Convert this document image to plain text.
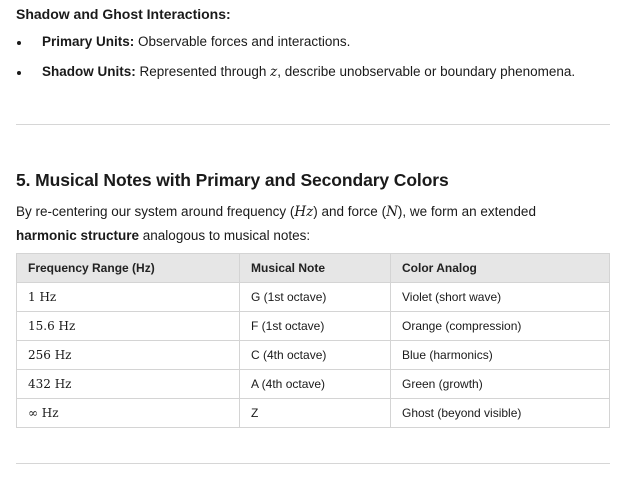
Shadow and Ghost Interactions:

Primary Units: Observable forces and interactions.
Shadow Units: Represented through z, describe unobservable or boundary phenomena.
5. Musical Notes with Primary and Secondary Colors

By re-centering our system around frequency (Hz) and force (N), we form an extended
harmonic structure analogous to musical notes:

Frequency Range (Hz)	Musical Note	Color Analog
1 Hz	G (1st octave)	Violet (short wave)
15.6 Hz	F (1st octave)	Orange (compression)
256 Hz	C (4th octave)	Blue (harmonics)
432 Hz	A (4th octave)	Green (growth)
∞ Hz	Z	Ghost (beyond visible)
